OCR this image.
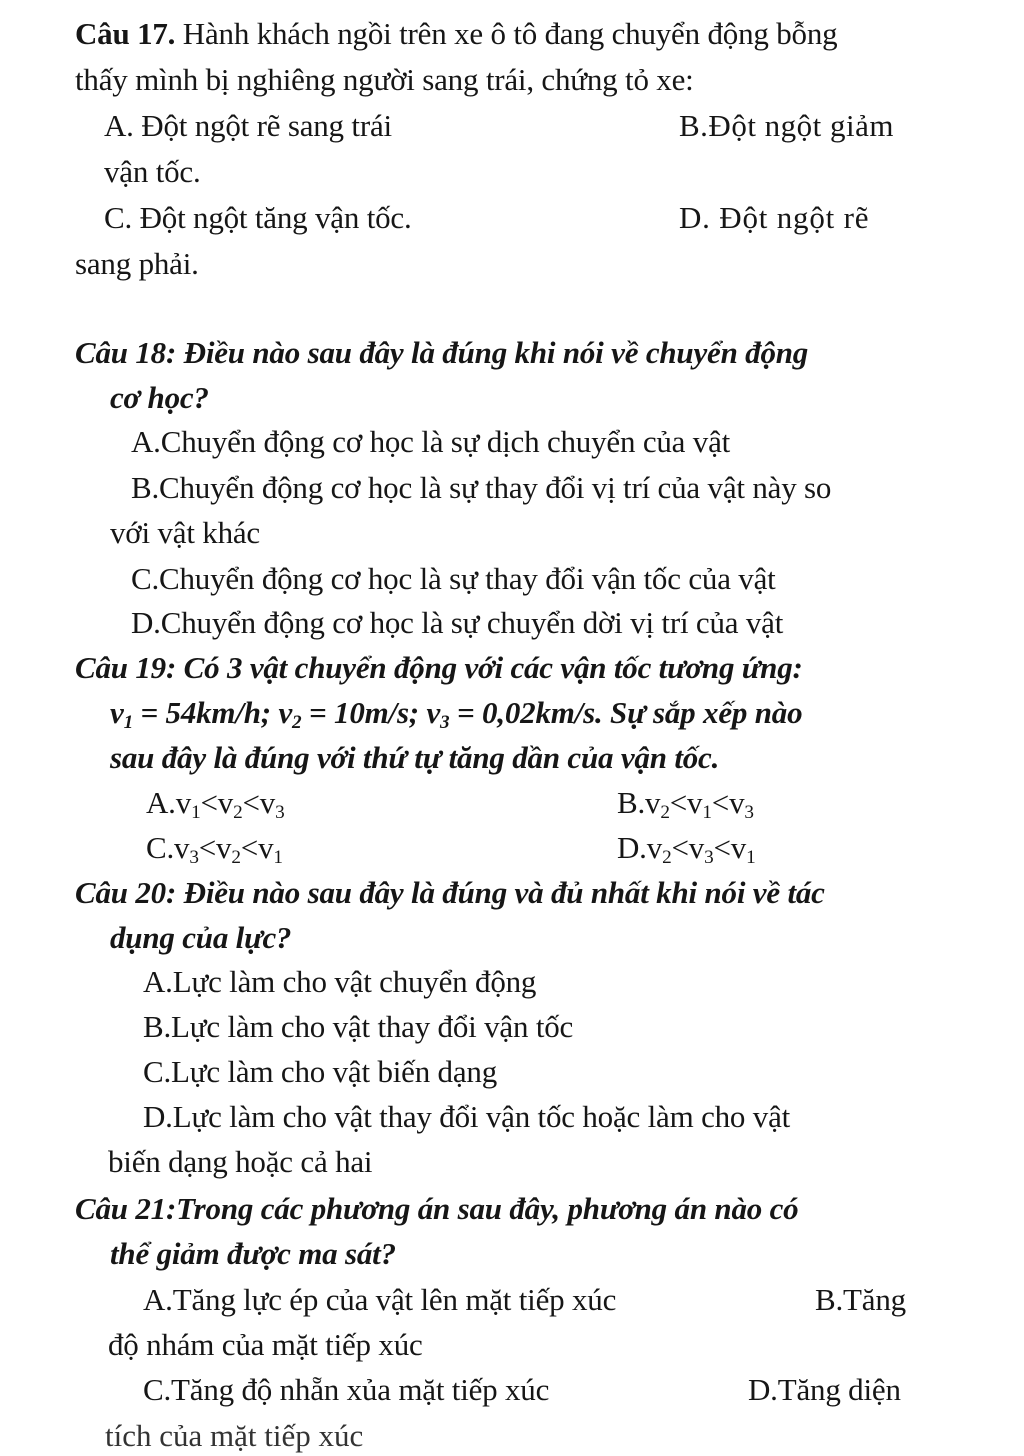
Câu 17. Hành khách ngồi trên xe ô tô đang chuyển động bỗng
thấy mình bị nghiêng người sang trái, chứng tỏ xe:
A. Đột ngột rẽ sang trái	B.Đột ngột giảm
vận tốc.
C. Đột ngột tăng vận tốc.	D. Đột ngột rẽ
sang phải.
Câu 18: Điều nào sau đây là đúng khi nói về chuyển động
cơ học?
A.Chuyển động cơ học là sự dịch chuyển của vật
B.Chuyển động cơ học là sự thay đổi vị trí của vật này so
với vật khác
C.Chuyển động cơ học là sự thay đổi vận tốc của vật
D.Chuyển động cơ học là sự chuyển dời vị trí của vật
Câu 19: Có 3 vật chuyển động với các vận tốc tương ứng:
$v_1 = 54km/h$; $v_2 = 10m/s$; $v_3 = 0,02km/s$. Sự sắp xếp nào
sau đây là đúng với thứ tự tăng dần của vận tốc.
$A.v_1<v_2<v_3$	$B.v_2<v_1<v_3$
$C.v_3<v_2<v_1$	$D.v_2<v_3<v_1$
Câu 20: Điều nào sau đây là đúng và đủ nhất khi nói về tác
dụng của lực?
A.Lực làm cho vật chuyển động
B.Lực làm cho vật thay đổi vận tốc
C.Lực làm cho vật biến dạng
D.Lực làm cho vật thay đổi vận tốc hoặc làm cho vật
biến dạng hoặc cả hai
Câu 21:Trong các phương án sau đây, phương án nào có
thể giảm được ma sát?
A.Tăng lực ép của vật lên mặt tiếp xúc	B.Tăng
độ nhám của mặt tiếp xúc
C.Tăng độ nhẵn xủa mặt tiếp xúc	D.Tăng diện
tích của mặt tiếp xúc
